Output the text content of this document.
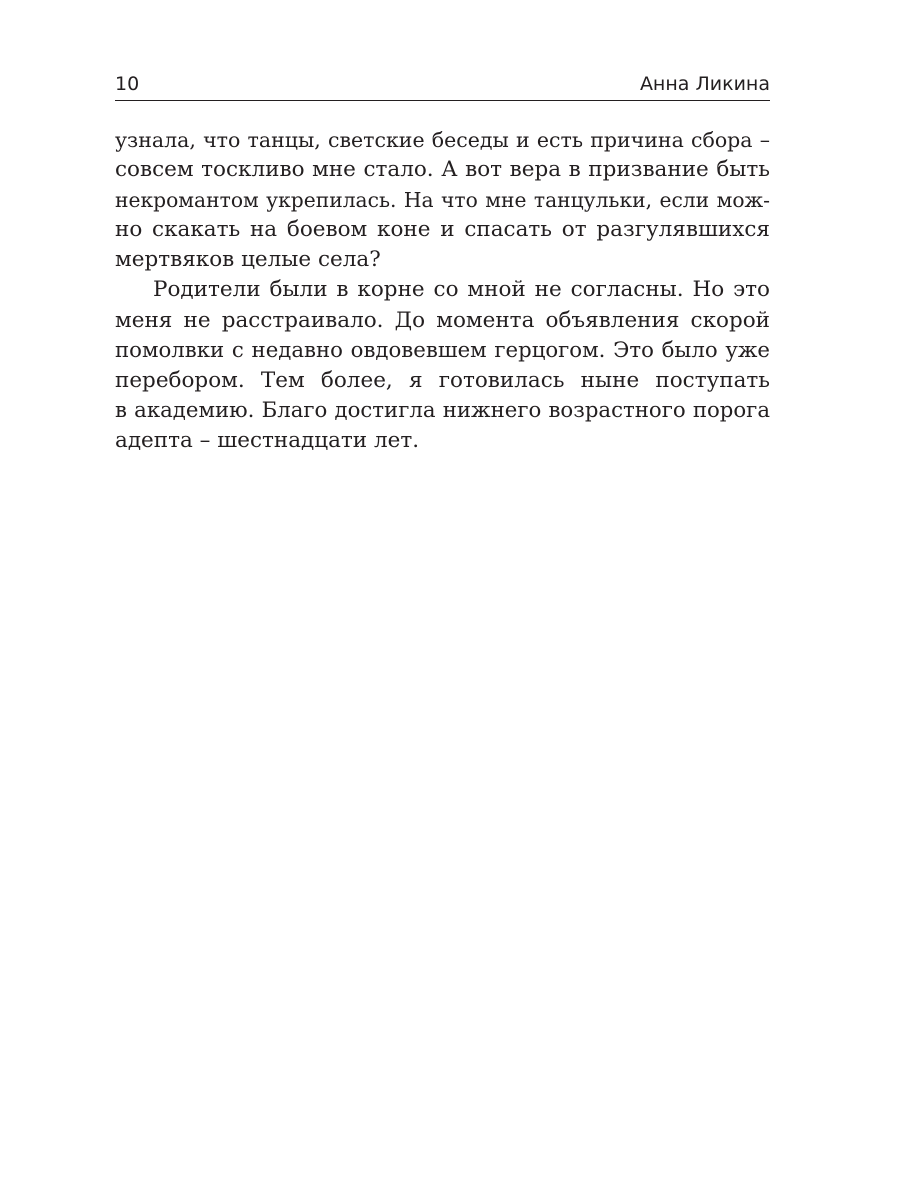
10	Анна Ликина
узнала, что танцы, светские беседы и есть причина сбора –
совсем тоскливо мне стало. А вот вера в призвание быть
некромантом укрепилась. На что мне танцульки, если мож-
но скакать на боевом коне и спасать от разгулявшихся
мертвяков целые села?
Родители были в корне со мной не согласны. Но это
меня не расстраивало. До момента объявления скорой
помолвки с недавно овдовевшем герцогом. Это было уже
перебором. Тем более, я готовилась ныне поступать
в академию. Благо достигла нижнего возрастного порога
адепта – шестнадцати лет.
